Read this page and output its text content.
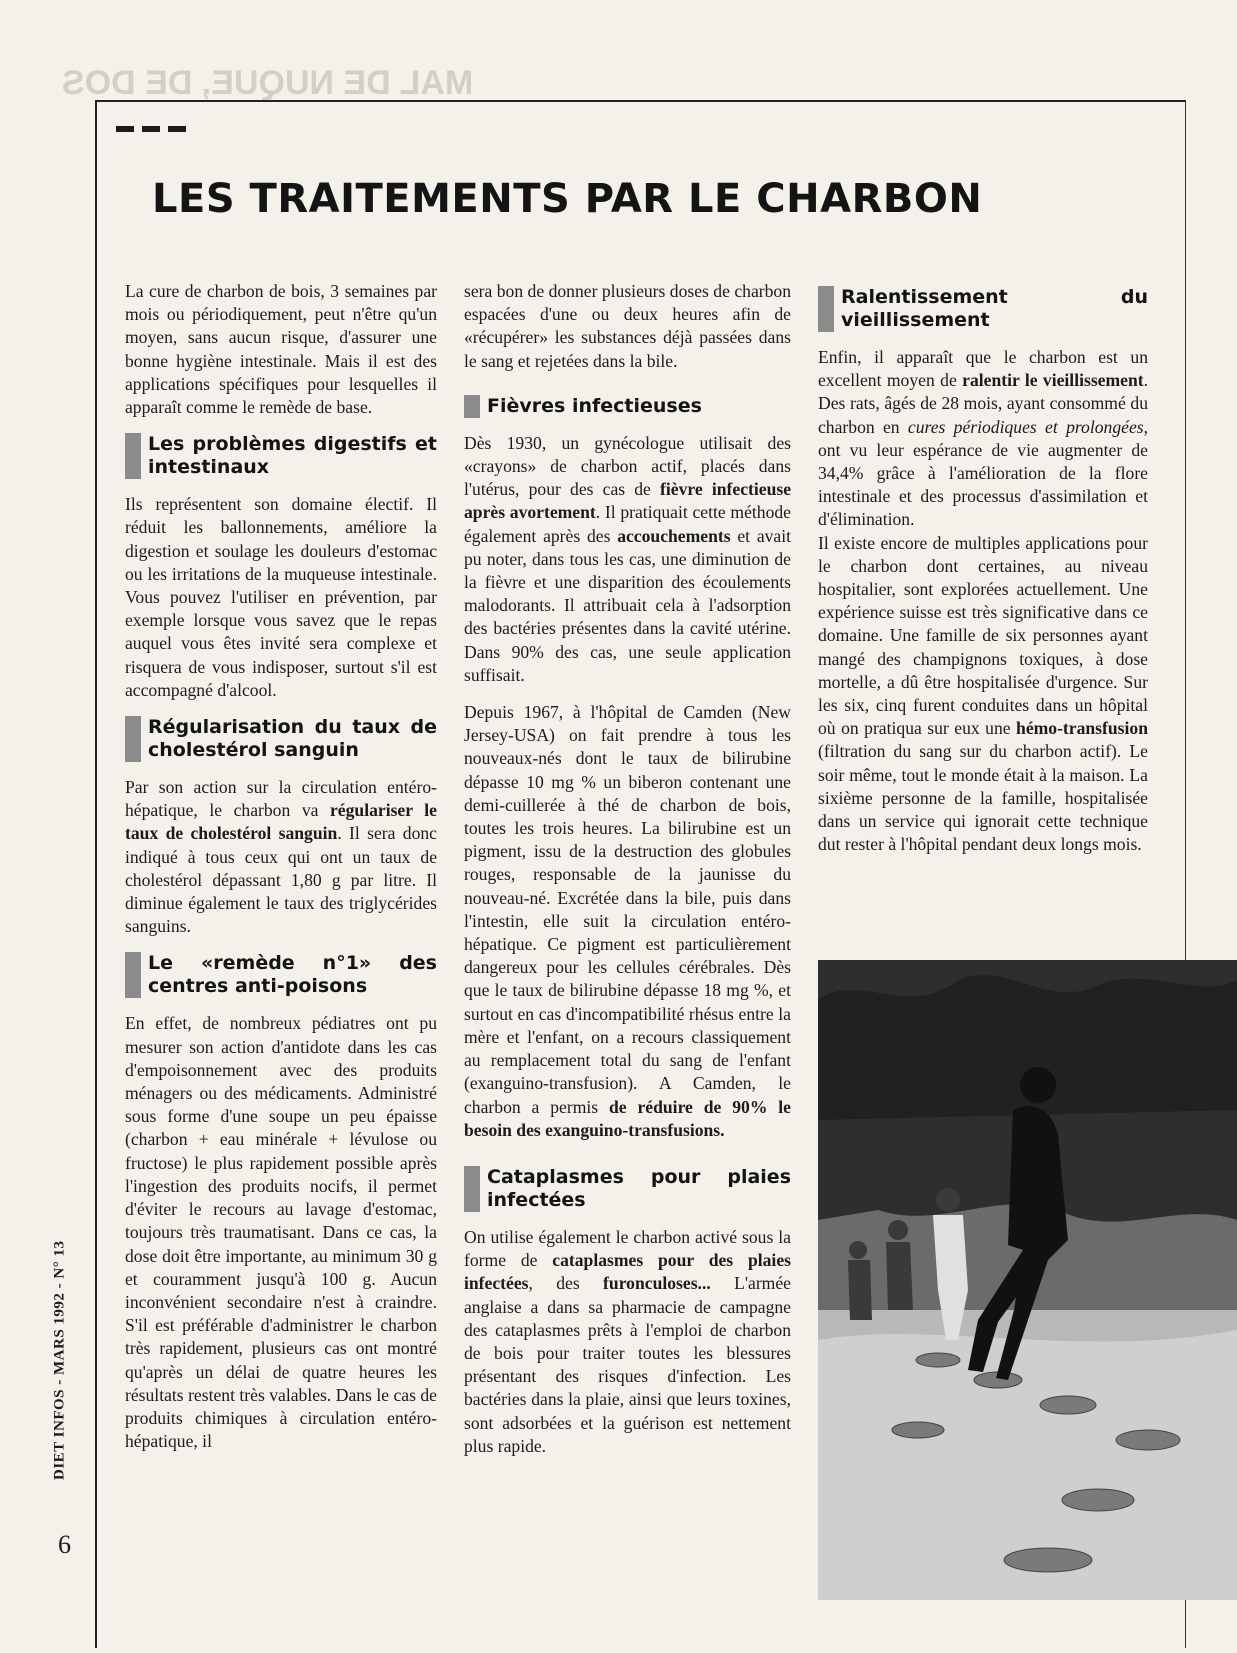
MAL DE NUQUE, DE DOS
LES TRAITEMENTS PAR LE CHARBON

La cure de charbon de bois, 3 semaines par mois ou périodiquement, peut n'être qu'un moyen, sans aucun risque, d'assurer une bonne hygiène intestinale. Mais il est des applications spécifiques pour lesquelles il apparaît comme le remède de base.

Les problèmes digestifs et intestinaux

Ils représentent son domaine électif. Il réduit les ballonnements, améliore la digestion et soulage les douleurs d'estomac ou les irritations de la muqueuse intestinale. Vous pouvez l'utiliser en prévention, par exemple lorsque vous savez que le repas auquel vous êtes invité sera complexe et risquera de vous indisposer, surtout s'il est accompagné d'alcool.

Régularisation du taux de cholestérol sanguin

Par son action sur la circulation entéro-hépatique, le charbon va régulariser le taux de cholestérol sanguin. Il sera donc indiqué à tous ceux qui ont un taux de cholestérol dépassant 1,80 g par litre. Il diminue également le taux des triglycérides sanguins.

Le «remède n°1» des centres anti-poisons

En effet, de nombreux pédiatres ont pu mesurer son action d'antidote dans les cas d'empoisonnement avec des produits ménagers ou des médicaments. Administré sous forme d'une soupe un peu épaisse (charbon + eau minérale + lévulose ou fructose) le plus rapidement possible après l'ingestion des produits nocifs, il permet d'éviter le recours au lavage d'estomac, toujours très traumatisant. Dans ce cas, la dose doit être importante, au minimum 30 g et couramment jusqu'à 100 g. Aucun inconvénient secondaire n'est à craindre. S'il est préférable d'administrer le charbon très rapidement, plusieurs cas ont montré qu'après un délai de quatre heures les résultats restent très valables. Dans le cas de produits chimiques à circulation entéro-hépatique, il

sera bon de donner plusieurs doses de charbon espacées d'une ou deux heures afin de «récupérer» les substances déjà passées dans le sang et rejetées dans la bile.

Fièvres infectieuses

Dès 1930, un gynécologue utilisait des «crayons» de charbon actif, placés dans l'utérus, pour des cas de fièvre infectieuse après avortement. Il pratiquait cette méthode également après des accouchements et avait pu noter, dans tous les cas, une diminution de la fièvre et une disparition des écoulements malodorants. Il attribuait cela à l'adsorption des bactéries présentes dans la cavité utérine. Dans 90% des cas, une seule application suffisait.

Depuis 1967, à l'hôpital de Camden (New Jersey-USA) on fait prendre à tous les nouveaux-nés dont le taux de bilirubine dépasse 10 mg % un biberon contenant une demi-cuillerée à thé de charbon de bois, toutes les trois heures. La bilirubine est un pigment, issu de la destruction des globules rouges, responsable de la jaunisse du nouveau-né. Excrétée dans la bile, puis dans l'intestin, elle suit la circulation entéro-hépatique. Ce pigment est particulièrement dangereux pour les cellules cérébrales. Dès que le taux de bilirubine dépasse 18 mg %, et surtout en cas d'incompatibilité rhésus entre la mère et l'enfant, on a recours classiquement au remplacement total du sang de l'enfant (exanguino-transfusion). A Camden, le charbon a permis de réduire de 90% le besoin des exanguino-transfusions.

Cataplasmes pour plaies infectées

On utilise également le charbon activé sous la forme de cataplasmes pour des plaies infectées, des furonculoses... L'armée anglaise a dans sa pharmacie de campagne des cataplasmes prêts à l'emploi de charbon de bois pour traiter toutes les blessures présentant des risques d'infection. Les bactéries dans la plaie, ainsi que leurs toxines, sont adsorbées et la guérison est nettement plus rapide.

Ralentissement du vieillissement

Enfin, il apparaît que le charbon est un excellent moyen de ralentir le vieillissement. Des rats, âgés de 28 mois, ayant consommé du charbon en cures périodiques et prolongées, ont vu leur espérance de vie augmenter de 34,4% grâce à l'amélioration de la flore intestinale et des processus d'assimilation et d'élimination.

Il existe encore de multiples applications pour le charbon dont certaines, au niveau hospitalier, sont explorées actuellement. Une expérience suisse est très significative dans ce domaine. Une famille de six personnes ayant mangé des champignons toxiques, à dose mortelle, a dû être hospitalisée d'urgence. Sur les six, cinq furent conduites dans un hôpital où on pratiqua sur eux une hémo-transfusion (filtration du sang sur du charbon actif). Le soir même, tout le monde était à la maison. La sixième personne de la famille, hospitalisée dans un service qui ignorait cette technique dut rester à l'hôpital pendant deux longs mois.

DIET INFOS - MARS 1992 - N° 13
6
